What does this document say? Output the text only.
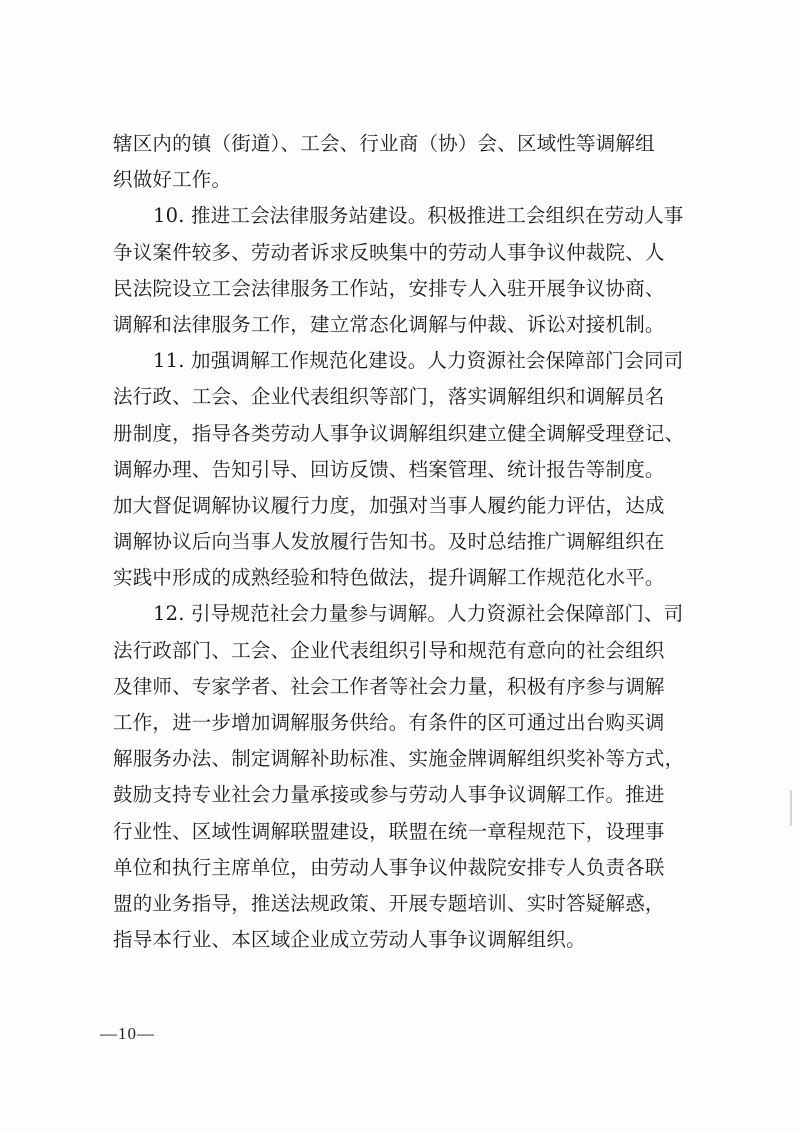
辖区内的镇（街道）、工会、行业商（协）会、区域性等调解组
织做好工作。
10. 推进工会法律服务站建设。积极推进工会组织在劳动人事
争议案件较多、劳动者诉求反映集中的劳动人事争议仲裁院、人
民法院设立工会法律服务工作站，安排专人入驻开展争议协商、
调解和法律服务工作，建立常态化调解与仲裁、诉讼对接机制。
11. 加强调解工作规范化建设。人力资源社会保障部门会同司
法行政、工会、企业代表组织等部门，落实调解组织和调解员名
册制度，指导各类劳动人事争议调解组织建立健全调解受理登记、
调解办理、告知引导、回访反馈、档案管理、统计报告等制度。
加大督促调解协议履行力度，加强对当事人履约能力评估，达成
调解协议后向当事人发放履行告知书。及时总结推广调解组织在
实践中形成的成熟经验和特色做法，提升调解工作规范化水平。
12. 引导规范社会力量参与调解。人力资源社会保障部门、司
法行政部门、工会、企业代表组织引导和规范有意向的社会组织
及律师、专家学者、社会工作者等社会力量，积极有序参与调解
工作，进一步增加调解服务供给。有条件的区可通过出台购买调
解服务办法、制定调解补助标准、实施金牌调解组织奖补等方式，
鼓励支持专业社会力量承接或参与劳动人事争议调解工作。推进
行业性、区域性调解联盟建设，联盟在统一章程规范下，设理事
单位和执行主席单位，由劳动人事争议仲裁院安排专人负责各联
盟的业务指导，推送法规政策、开展专题培训、实时答疑解惑，
指导本行业、本区域企业成立劳动人事争议调解组织。
—10—
